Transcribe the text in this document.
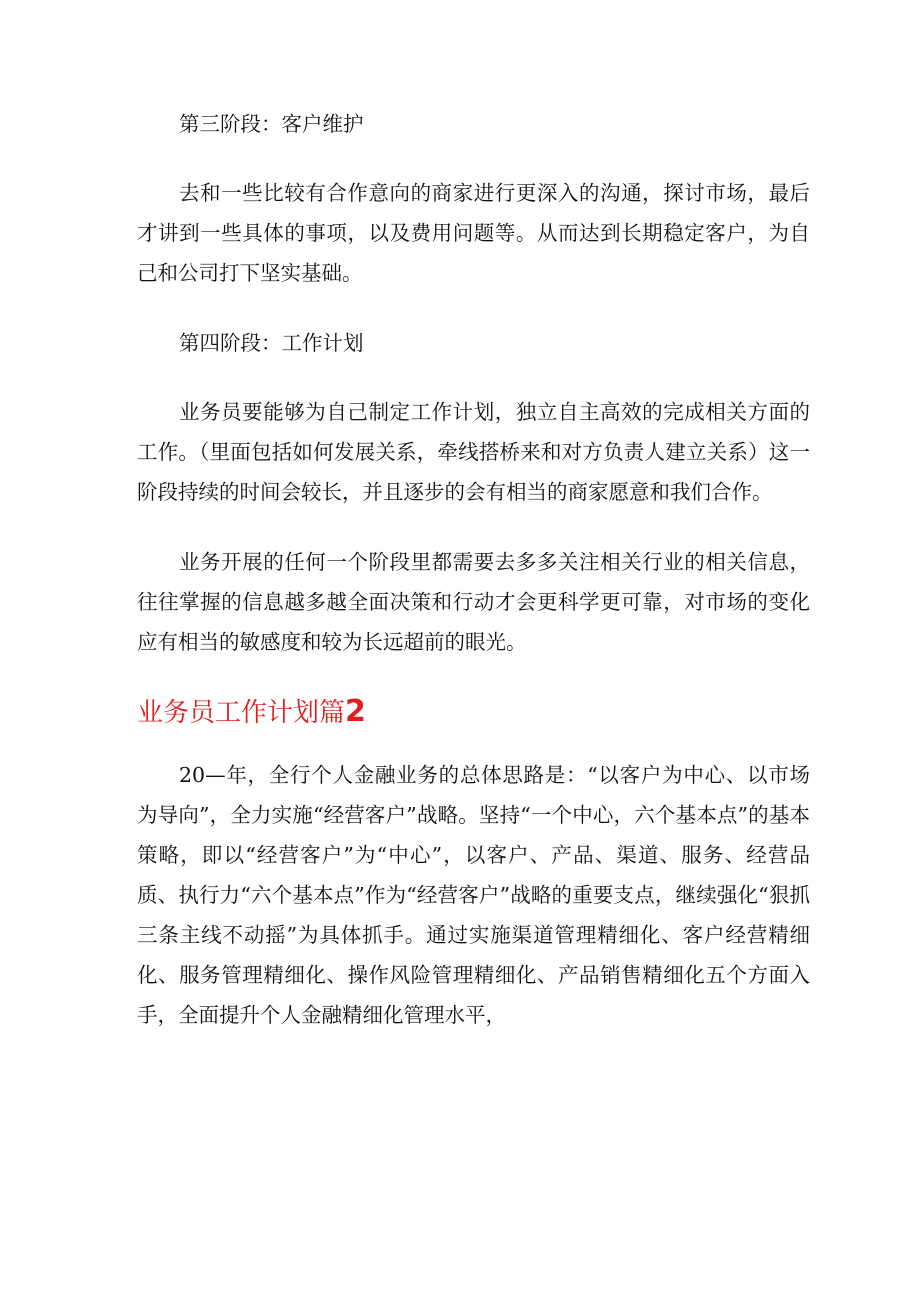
第三阶段：客户维护

去和一些比较有合作意向的商家进行更深入的沟通，探讨市场，最后才讲到一些具体的事项，以及费用问题等。从而达到长期稳定客户，为自己和公司打下坚实基础。

第四阶段：工作计划

业务员要能够为自己制定工作计划，独立自主高效的完成相关方面的工作。（里面包括如何发展关系，牵线搭桥来和对方负责人建立关系）这一阶段持续的时间会较长，并且逐步的会有相当的商家愿意和我们合作。

业务开展的任何一个阶段里都需要去多多关注相关行业的相关信息，往往掌握的信息越多越全面决策和行动才会更科学更可靠，对市场的变化应有相当的敏感度和较为长远超前的眼光。

业务员工作计划篇2

20—年，全行个人金融业务的总体思路是：“以客户为中心、以市场为导向”，全力实施“经营客户”战略。坚持“一个中心，六个基本点”的基本策略，即以“经营客户”为“中心”，以客户、产品、渠道、服务、经营品质、执行力“六个基本点”作为“经营客户”战略的重要支点，继续强化“狠抓三条主线不动摇”为具体抓手。通过实施渠道管理精细化、客户经营精细化、服务管理精细化、操作风险管理精细化、产品销售精细化五个方面入手，全面提升个人金融精细化管理水平，
